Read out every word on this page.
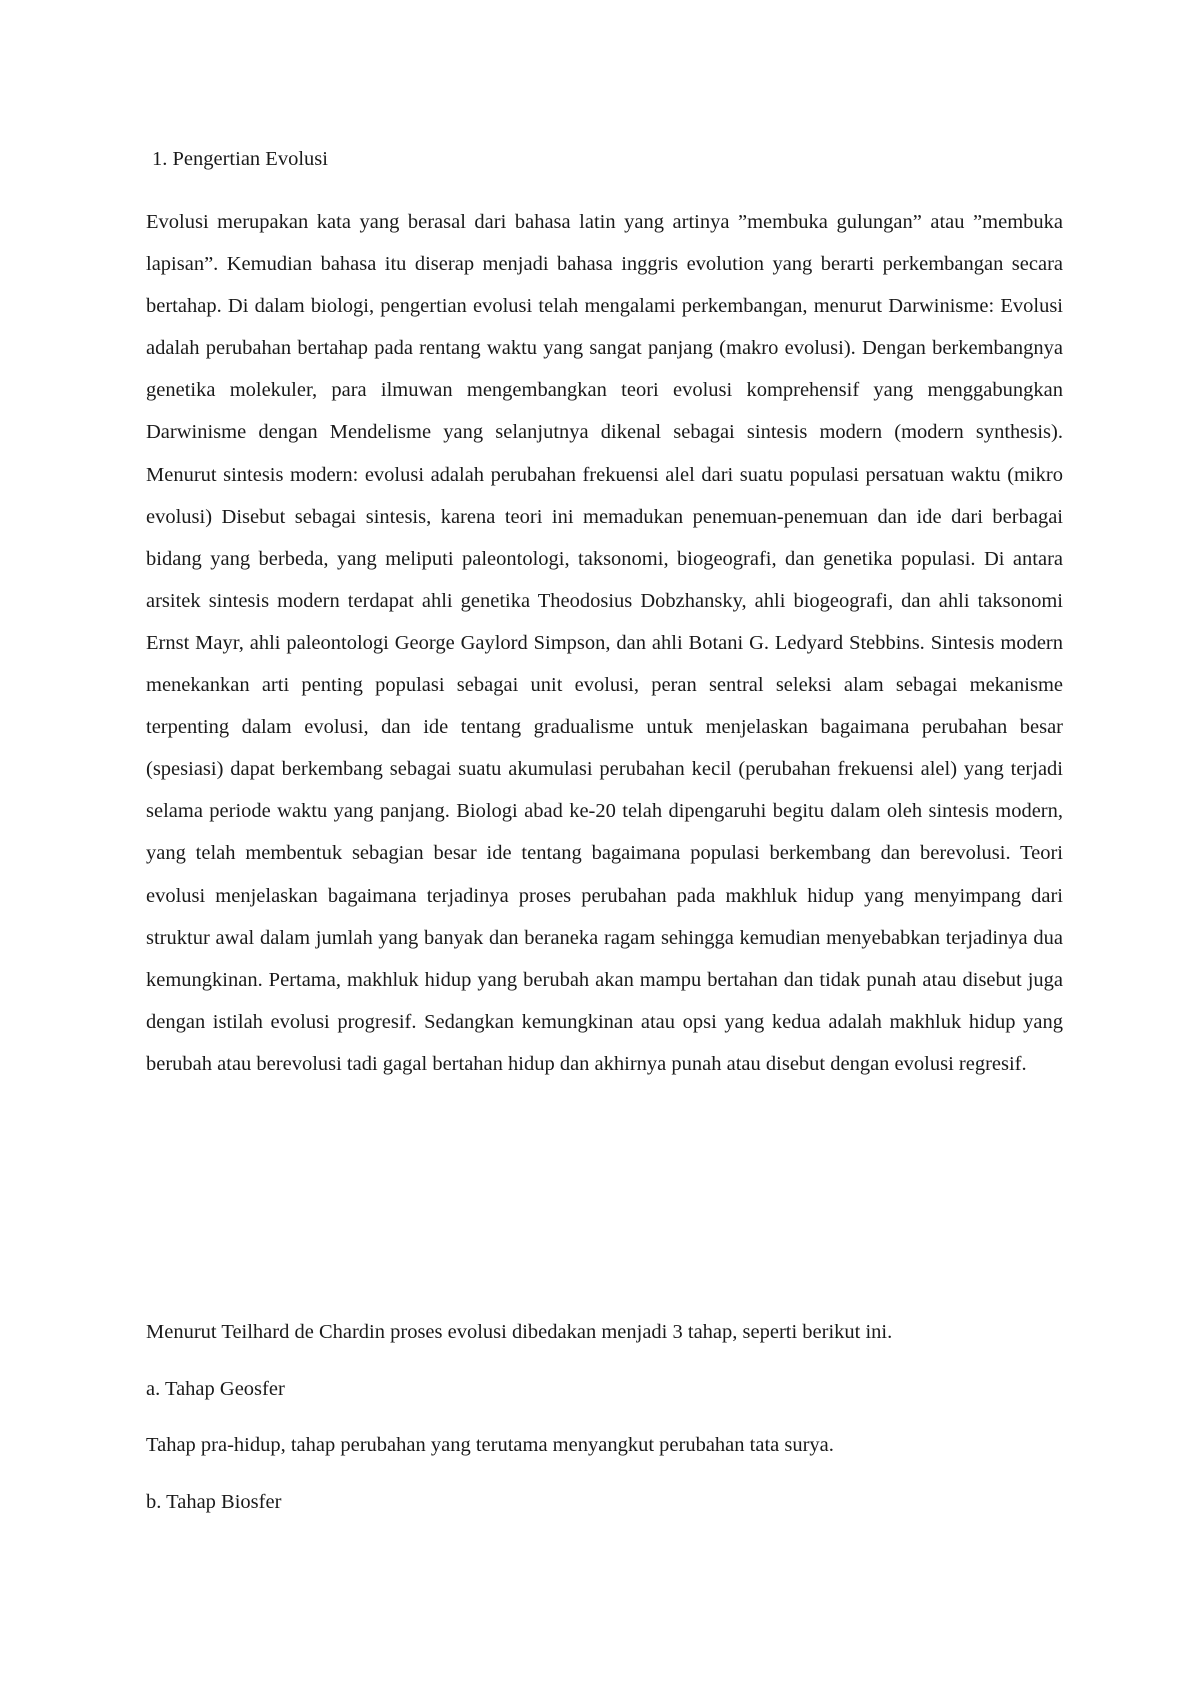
1. Pengertian Evolusi

Evolusi merupakan kata yang berasal dari bahasa latin yang artinya ”membuka gulungan” atau ”membuka lapisan”. Kemudian bahasa itu diserap menjadi bahasa inggris evolution yang berarti perkembangan secara bertahap. Di dalam biologi, pengertian evolusi telah mengalami perkembangan, menurut Darwinisme: Evolusi adalah perubahan bertahap pada rentang waktu yang sangat panjang (makro evolusi). Dengan berkembangnya genetika molekuler, para ilmuwan mengembangkan teori evolusi komprehensif yang menggabungkan Darwinisme dengan Mendelisme yang selanjutnya dikenal sebagai sintesis modern (modern synthesis). Menurut sintesis modern: evolusi adalah perubahan frekuensi alel dari suatu populasi persatuan waktu (mikro evolusi) Disebut sebagai sintesis, karena teori ini memadukan penemuan-penemuan dan ide dari berbagai bidang yang berbeda, yang meliputi paleontologi, taksonomi, biogeografi, dan genetika populasi. Di antara arsitek sintesis modern terdapat ahli genetika Theodosius Dobzhansky, ahli biogeografi, dan ahli taksonomi Ernst Mayr, ahli paleontologi George Gaylord Simpson, dan ahli Botani G. Ledyard Stebbins. Sintesis modern menekankan arti penting populasi sebagai unit evolusi, peran sentral seleksi alam sebagai mekanisme terpenting dalam evolusi, dan ide tentang gradualisme untuk menjelaskan bagaimana perubahan besar (spesiasi) dapat berkembang sebagai suatu akumulasi perubahan kecil (perubahan frekuensi alel) yang terjadi selama periode waktu yang panjang. Biologi abad ke-20 telah dipengaruhi begitu dalam oleh sintesis modern, yang telah membentuk sebagian besar ide tentang bagaimana populasi berkembang dan berevolusi. Teori evolusi menjelaskan bagaimana terjadinya proses perubahan pada makhluk hidup yang menyimpang dari struktur awal dalam jumlah yang banyak dan beraneka ragam sehingga kemudian menyebabkan terjadinya dua kemungkinan. Pertama, makhluk hidup yang berubah akan mampu bertahan dan tidak punah atau disebut juga dengan istilah evolusi progresif. Sedangkan kemungkinan atau opsi yang kedua adalah makhluk hidup yang berubah atau berevolusi tadi gagal bertahan hidup dan akhirnya punah atau disebut dengan evolusi regresif.

Menurut Teilhard de Chardin proses evolusi dibedakan menjadi 3 tahap, seperti berikut ini.

a. Tahap Geosfer

Tahap pra-hidup, tahap perubahan yang terutama menyangkut perubahan tata surya.

b. Tahap Biosfer
